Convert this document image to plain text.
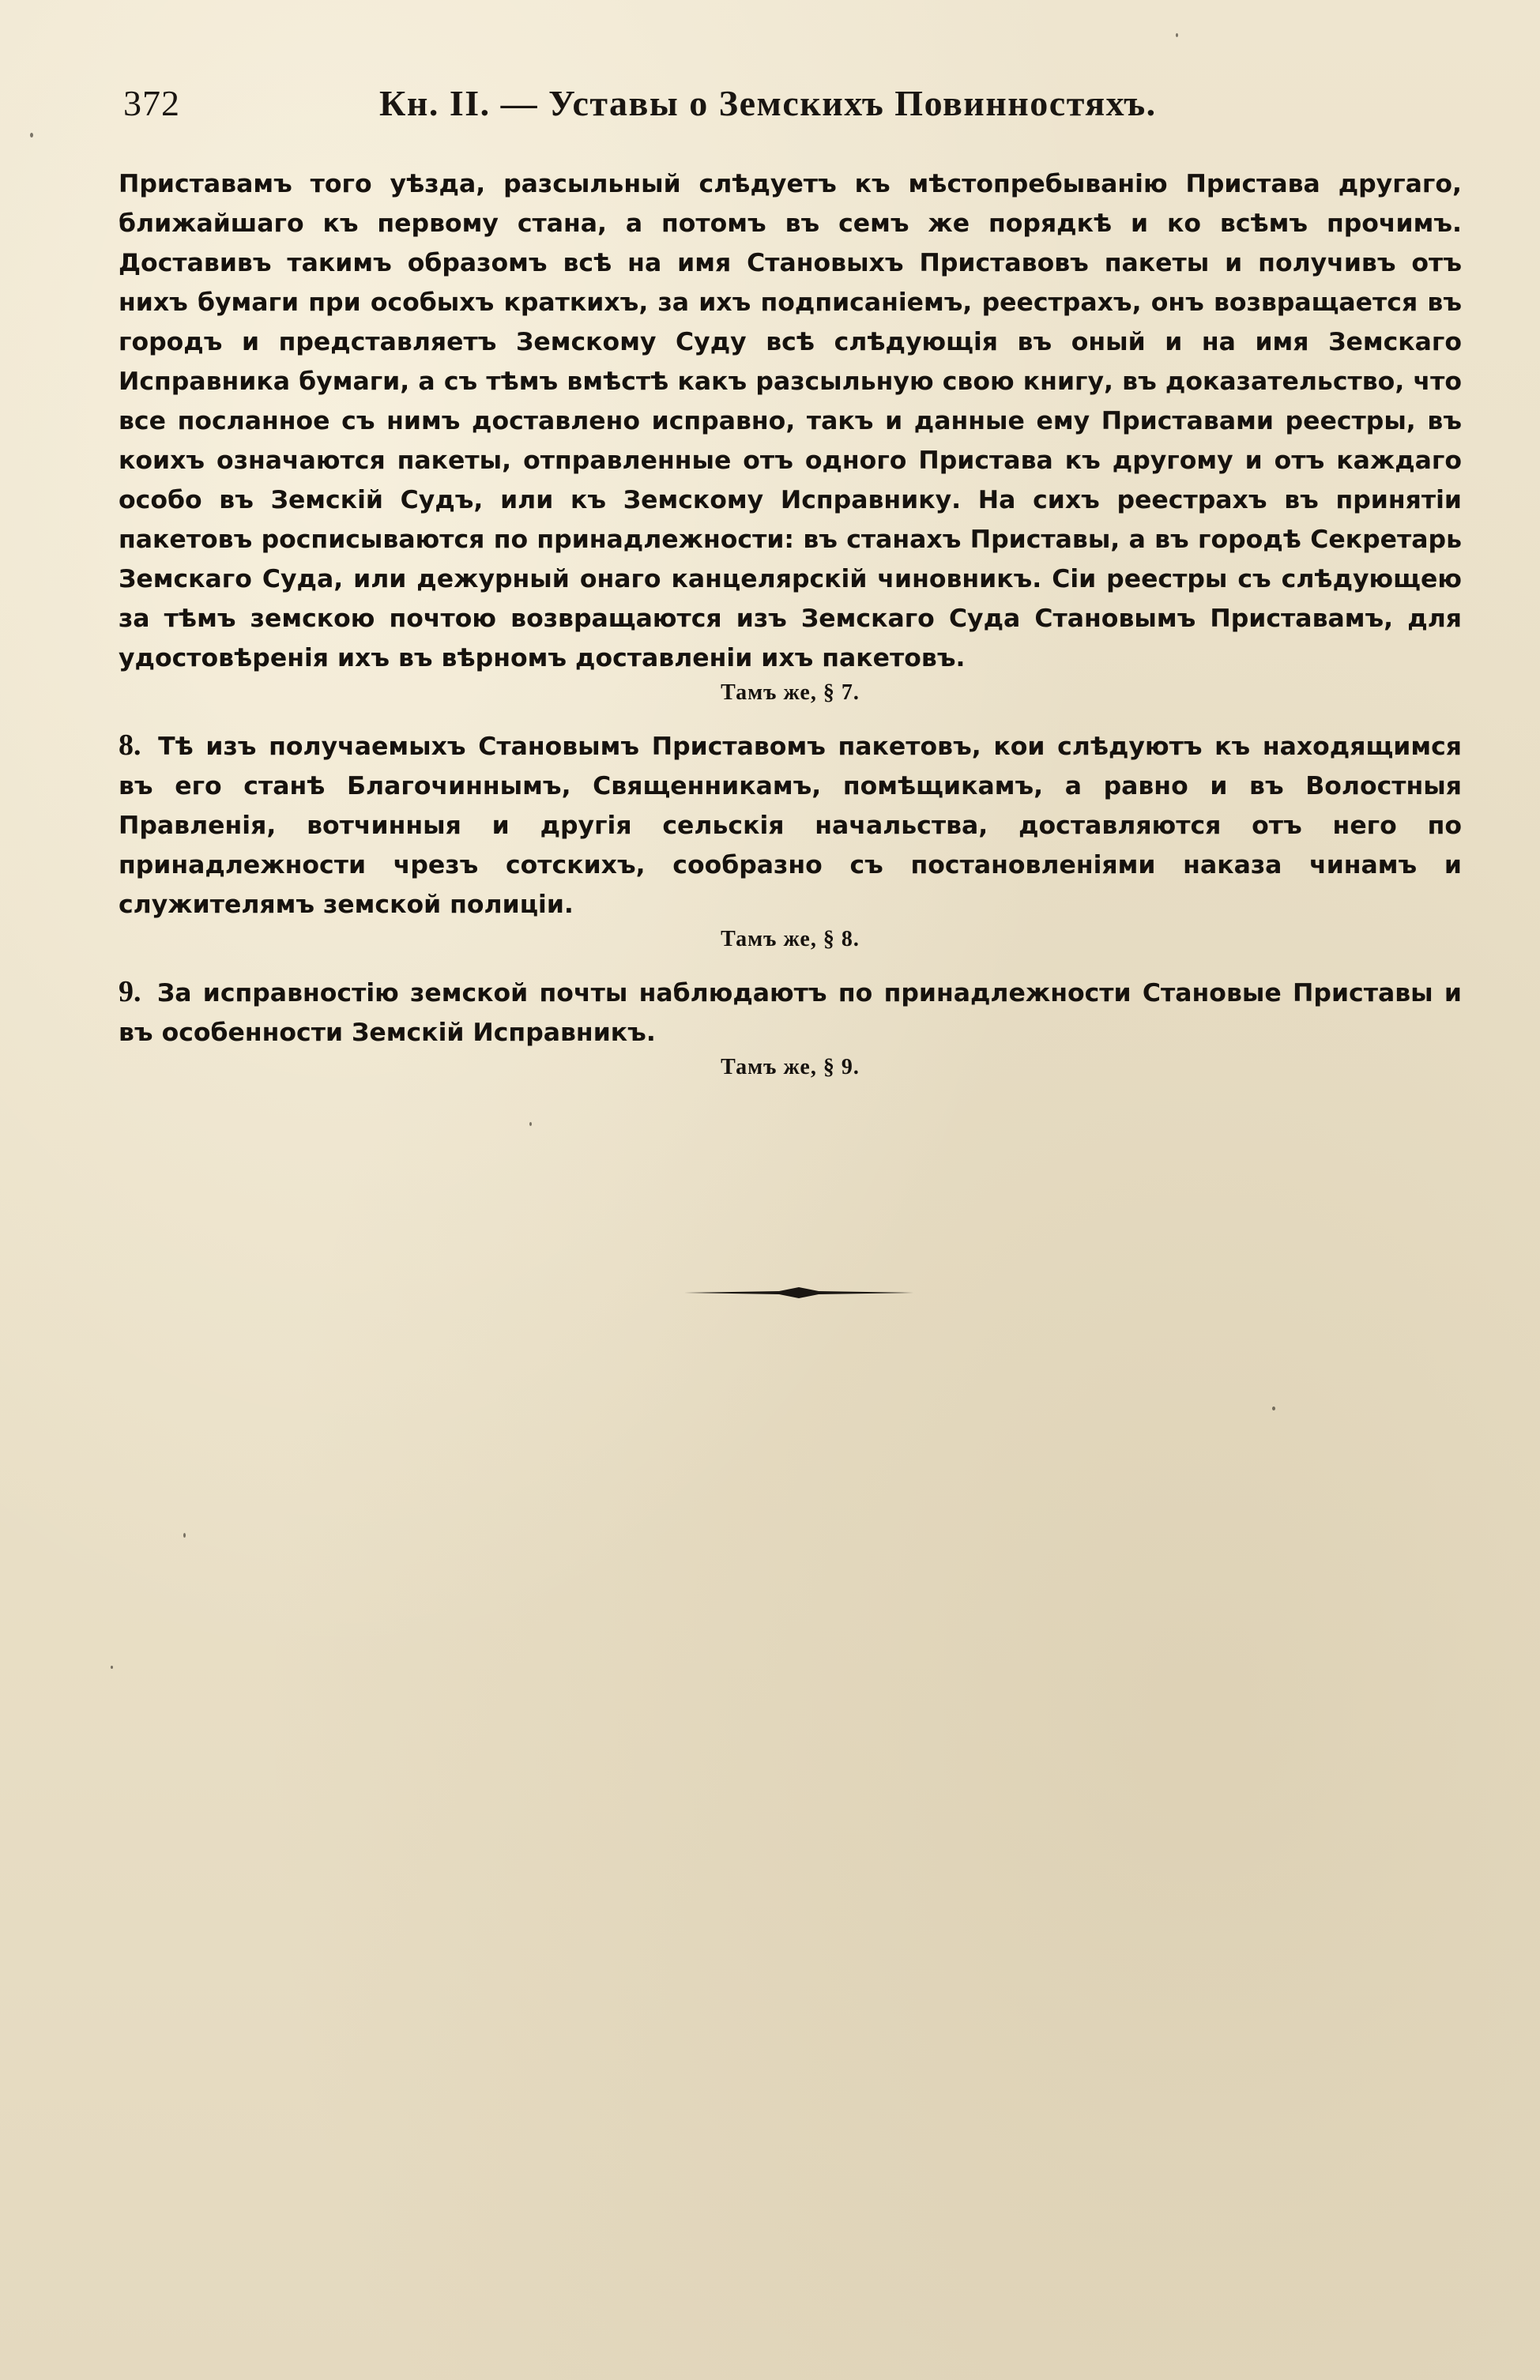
372	Кн. II. — Уставы о Земскихъ Повинностяхъ.

Приставамъ того уѣзда, разсыльный слѣдуетъ къ мѣстопребыванію Пристава другаго, ближайшаго къ первому стана, а потомъ въ семъ же порядкѣ и ко всѣмъ прочимъ. Доставивъ такимъ образомъ всѣ на имя Становыхъ Приставовъ пакеты и получивъ отъ нихъ бумаги при особыхъ краткихъ, за ихъ подписаніемъ, реестрахъ, онъ возвращается въ городъ и представляетъ Земскому Суду всѣ слѣдующія въ оный и на имя Земскаго Исправника бумаги, а съ тѣмъ вмѣстѣ какъ разсыльную свою книгу, въ доказательство, что все посланное съ нимъ доставлено исправно, такъ и данные ему Приставами реестры, въ коихъ означаются пакеты, отправленные отъ одного Пристава къ другому и отъ каждаго особо въ Земскій Судъ, или къ Земскому Исправнику. На сихъ реестрахъ въ принятіи пакетовъ росписываются по принадлежности: въ станахъ Приставы, а въ городѣ Секретарь Земскаго Суда, или дежурный онаго канцелярскій чиновникъ. Сіи реестры съ слѣдующею за тѣмъ земскою почтою возвращаются изъ Земскаго Суда Становымъ Приставамъ, для удостовѣренія ихъ въ вѣрномъ доставленіи ихъ пакетовъ.

Тамъ же, § 7.

8. Тѣ изъ получаемыхъ Становымъ Приставомъ пакетовъ, кои слѣдуютъ къ находящимся въ его станѣ Благочиннымъ, Священникамъ, помѣщикамъ, а равно и въ Волостныя Правленія, вотчинныя и другія сельскія начальства, доставляются отъ него по принадлежности чрезъ сотскихъ, сообразно съ постановленіями наказа чинамъ и служителямъ земской полиціи.

Тамъ же, § 8.

9. За исправностію земской почты наблюдаютъ по принадлежности Становые Приставы и въ особенности Земскій Исправникъ.

Тамъ же, § 9.
